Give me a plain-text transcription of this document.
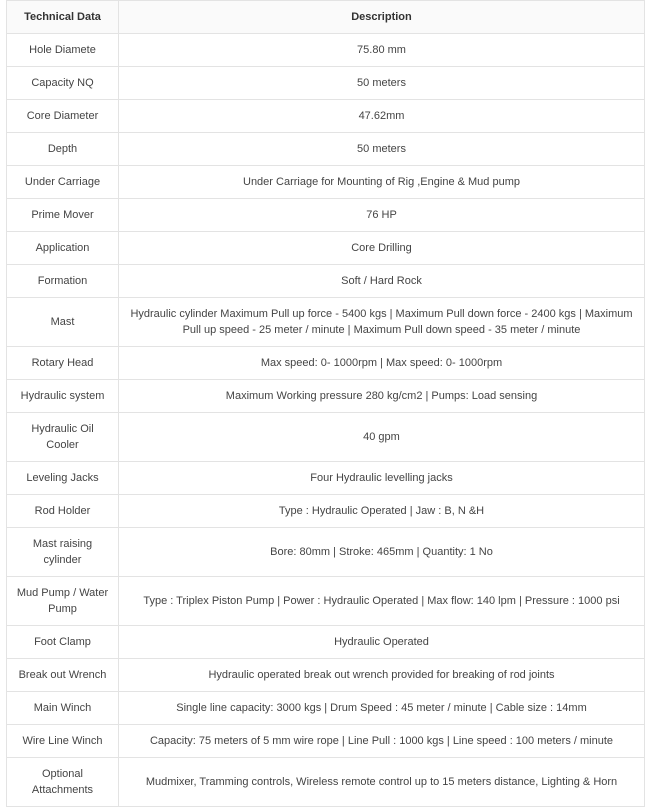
Technical Data	Description
Hole Diamete	75.80 mm
Capacity NQ	50 meters
Core Diameter	47.62mm
Depth	50 meters
Under Carriage	Under Carriage for Mounting of Rig ,Engine & Mud pump
Prime Mover	76 HP
Application	Core Drilling
Formation	Soft / Hard Rock
Mast	Hydraulic cylinder Maximum Pull up force - 5400 kgs | Maximum Pull down force - 2400 kgs | Maximum Pull up speed - 25 meter / minute | Maximum Pull down speed - 35 meter / minute
Rotary Head	Max speed: 0- 1000rpm | Max speed: 0- 1000rpm
Hydraulic system	Maximum Working pressure 280 kg/cm2 | Pumps: Load sensing
Hydraulic Oil Cooler	40 gpm
Leveling Jacks	Four Hydraulic levelling jacks
Rod Holder	Type : Hydraulic Operated | Jaw : B, N &H
Mast raising cylinder	Bore: 80mm | Stroke: 465mm | Quantity: 1 No
Mud Pump / Water Pump	Type : Triplex Piston Pump | Power : Hydraulic Operated | Max flow: 140 lpm | Pressure : 1000 psi
Foot Clamp	Hydraulic Operated
Break out Wrench	Hydraulic operated break out wrench provided for breaking of rod joints
Main Winch	Single line capacity: 3000 kgs | Drum Speed : 45 meter / minute | Cable size : 14mm
Wire Line Winch	Capacity: 75 meters of 5 mm wire rope | Line Pull : 1000 kgs | Line speed : 100 meters / minute
Optional Attachments	Mudmixer, Tramming controls, Wireless remote control up to 15 meters distance, Lighting & Horn
